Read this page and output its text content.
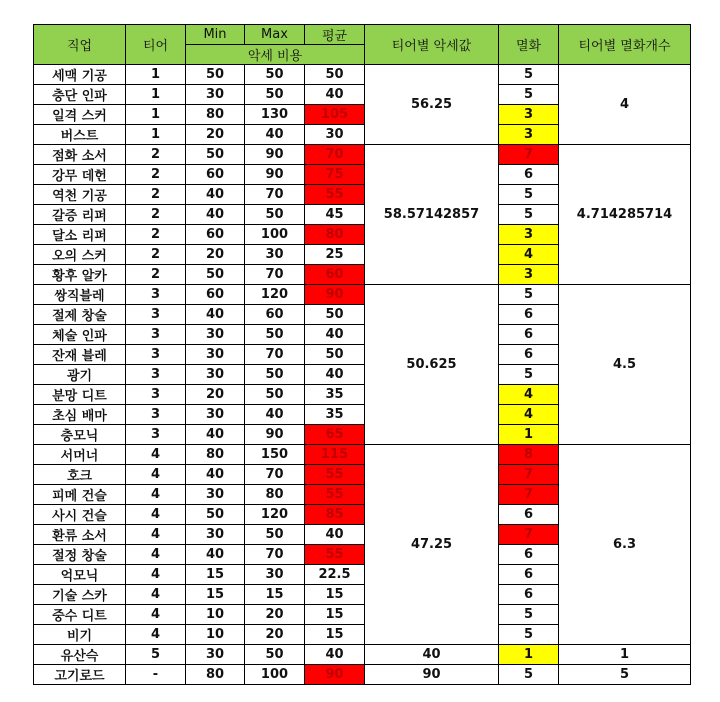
직업	티어	Min	Max	평균	티어별 악세값	멸화	티어별 멸화개수
		악세 비용					
세맥 기공	1	50	50	50	56.25	5	4
충단 인파	1	30	50	40		5	
일격 스커	1	80	130	105		3	
버스트	1	20	40	30		3	
점화 소서	2	50	90	70	58.57142857	7	4.714285714
강무 데헌	2	60	90	75		6	
역천 기공	2	40	70	55		5	
갈증 리퍼	2	40	50	45		5	
달소 리퍼	2	60	100	80		3	
오의 스커	2	20	30	25		4	
황후 알카	2	50	70	60		3	
쌍직블레	3	60	120	90	50.625	5	4.5
절제 창술	3	40	60	50		6	
체술 인파	3	30	50	40		6	
잔재 블레	3	30	70	50		6	
광기	3	30	50	40		5	
분망 디트	3	20	50	35		4	
초심 배마	3	30	40	35		4	
충모닉	3	40	90	65		1	
서머너	4	80	150	115	47.25	8	6.3
호크	4	40	70	55		7	
피메 건슬	4	30	80	55		7	
사시 건슬	4	50	120	85		6	
환류 소서	4	30	50	40		7	
절정 창술	4	40	70	55		6	
억모닉	4	15	30	22.5		6	
기술 스카	4	15	15	15		6	
중수 디트	4	10	20	15		5	
비기	4	10	20	15		5	
유산슥	5	30	50	40	40	1	1
고기로드	-	80	100	90	90	5	5
